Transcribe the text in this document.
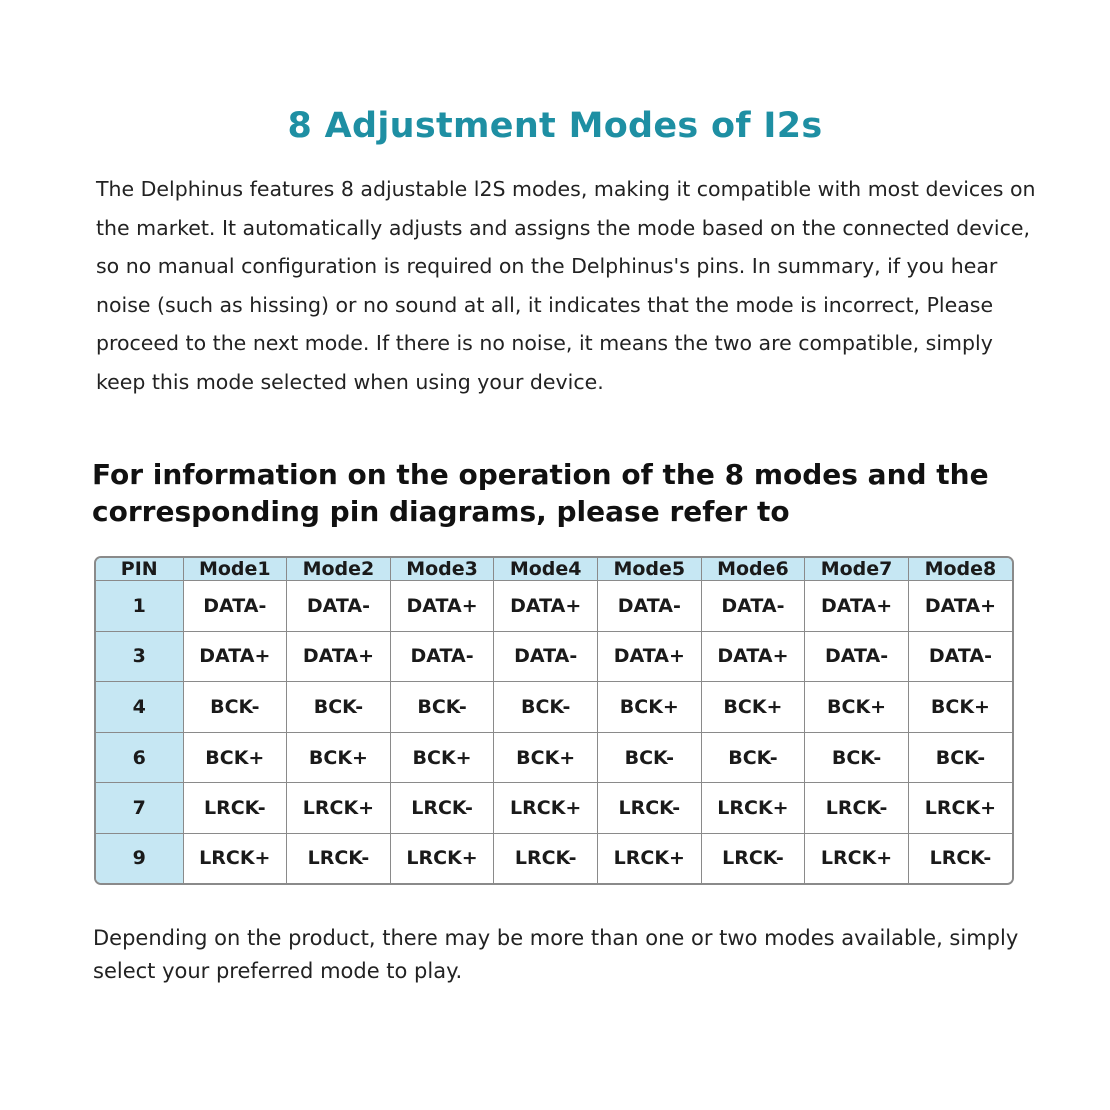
8 Adjustment Modes of I2s

The Delphinus features 8 adjustable l2S modes, making it compatible with most devices on the market. It automatically adjusts and assigns the mode based on the connected device, so no manual configuration is required on the Delphinus's pins. In summary, if you hear noise (such as hissing) or no sound at all, it indicates that the mode is incorrect, Please proceed to the next mode. If there is no noise, it means the two are compatible, simply keep this mode selected when using your device.

For information on the operation of the 8 modes and the corresponding pin diagrams, please refer to
PIN	Mode1	Mode2	Mode3	Mode4	Mode5	Mode6	Mode7	Mode8
1	DATA-	DATA-	DATA+	DATA+	DATA-	DATA-	DATA+	DATA+
3	DATA+	DATA+	DATA-	DATA-	DATA+	DATA+	DATA-	DATA-
4	BCK-	BCK-	BCK-	BCK-	BCK+	BCK+	BCK+	BCK+
6	BCK+	BCK+	BCK+	BCK+	BCK-	BCK-	BCK-	BCK-
7	LRCK-	LRCK+	LRCK-	LRCK+	LRCK-	LRCK+	LRCK-	LRCK+
9	LRCK+	LRCK-	LRCK+	LRCK-	LRCK+	LRCK-	LRCK+	LRCK-

Depending on the product, there may be more than one or two modes available, simply select your preferred mode to play.
